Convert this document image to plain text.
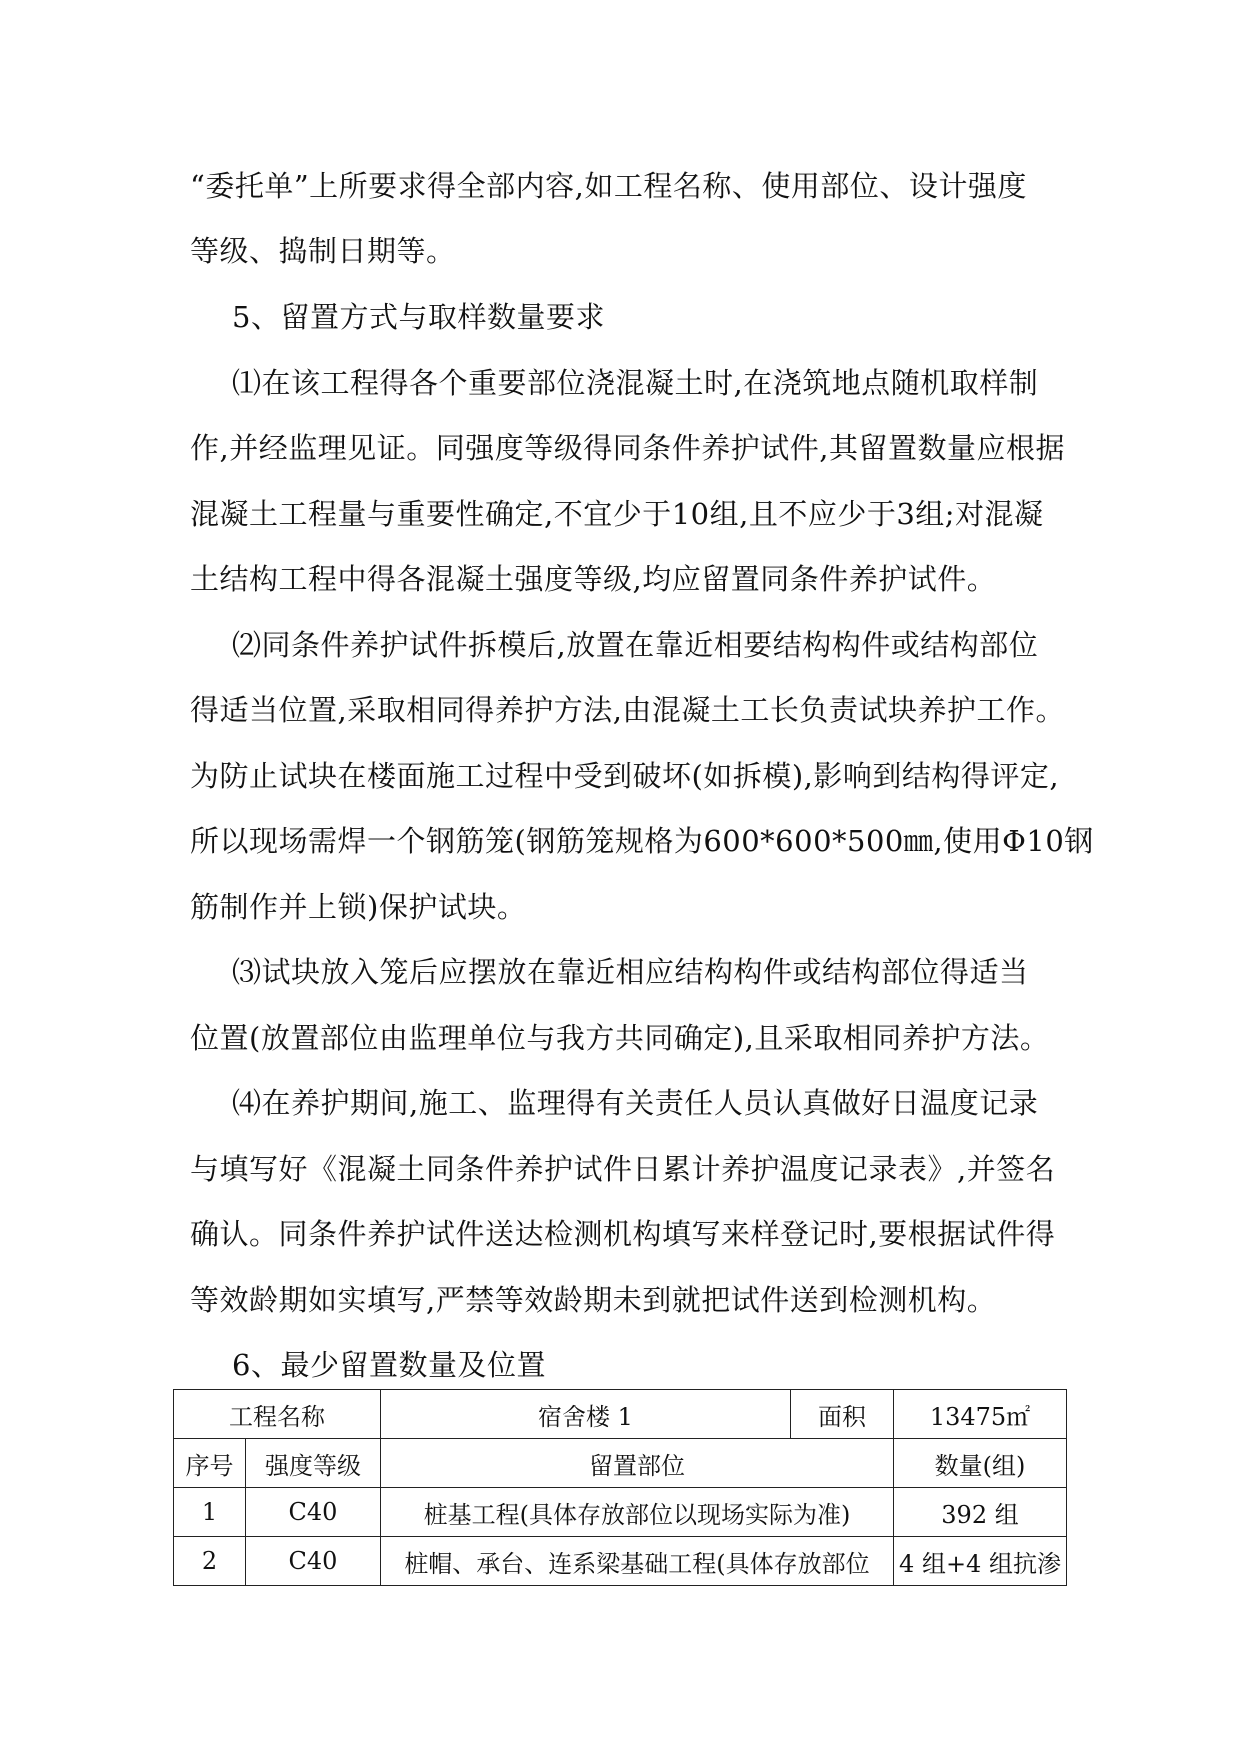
“委托单”上所要求得全部内容,如工程名称、使用部位、设计强度
等级、捣制日期等。
5、留置方式与取样数量要求
⑴在该工程得各个重要部位浇混凝土时,在浇筑地点随机取样制
作,并经监理见证。同强度等级得同条件养护试件,其留置数量应根据
混凝土工程量与重要性确定,不宜少于10组,且不应少于3组;对混凝
土结构工程中得各混凝土强度等级,均应留置同条件养护试件。
⑵同条件养护试件拆模后,放置在靠近相要结构构件或结构部位
得适当位置,采取相同得养护方法,由混凝土工长负责试块养护工作。
为防止试块在楼面施工过程中受到破坏(如拆模),影响到结构得评定,
所以现场需焊一个钢筋笼(钢筋笼规格为600*600*500㎜,使用Φ10钢
筋制作并上锁)保护试块。
⑶试块放入笼后应摆放在靠近相应结构构件或结构部位得适当
位置(放置部位由监理单位与我方共同确定),且采取相同养护方法。
⑷在养护期间,施工、监理得有关责任人员认真做好日温度记录
与填写好《混凝土同条件养护试件日累计养护温度记录表》,并签名
确认。同条件养护试件送达检测机构填写来样登记时,要根据试件得
等效龄期如实填写,严禁等效龄期未到就把试件送到检测机构。
6、最少留置数量及位置
工程名称		宿舍楼 1	面积	13475㎡
序号	强度等级	留置部位		数量(组)
1	C40	桩基工程(具体存放部位以现场实际为准)		392 组
2	C40	桩帽、承台、连系梁基础工程(具体存放部位		4 组+4 组抗渗
